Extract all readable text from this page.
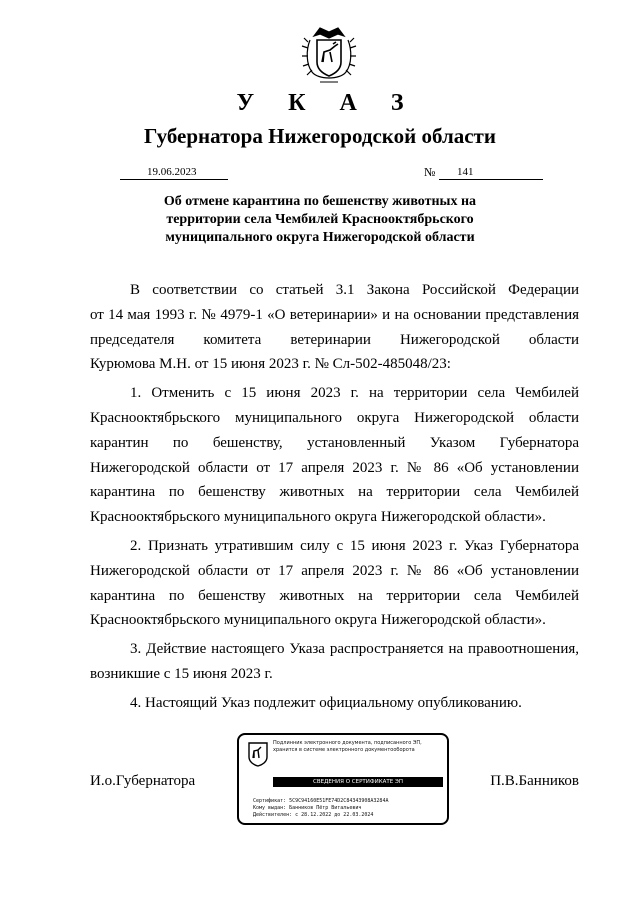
У К А З
Губернатора Нижегородской области
19.06.2023	№	141
Об отмене карантина по бешенству животных на
территории села Чембилей Краснооктябрьского
муниципального округа Нижегородской области
В соответствии со статьей 3.1 Закона Российской Федерации
от 14 мая 1993 г. № 4979-1 «О ветеринарии» и на основании представления
председателя комитета ветеринарии Нижегородской области
Курюмова М.Н. от 15 июня 2023 г. № Сл-502-485048/23:
1. Отменить с 15 июня 2023 г. на территории села Чембилей
Краснооктябрьского муниципального округа Нижегородской области
карантин по бешенству, установленный Указом Губернатора
Нижегородской области от 17 апреля 2023 г. № 86 «Об установлении
карантина по бешенству животных на территории села Чембилей
Краснооктябрьского муниципального округа Нижегородской области».
2. Признать утратившим силу с 15 июня 2023 г. Указ Губернатора
Нижегородской области от 17 апреля 2023 г. № 86 «Об установлении
карантина по бешенству животных на территории села Чембилей
Краснооктябрьского муниципального округа Нижегородской области».
3. Действие настоящего Указа распространяется на правоотношения,
возникшие с 15 июня 2023 г.
4. Настоящий Указ подлежит официальному опубликованию.
И.о.Губернатора	П.В.Банников
Подлинник электронного документа, подписанного ЭП,
хранится в системе электронного документооборота
СВЕДЕНИЯ О СЕРТИФИКАТЕ ЭП
Сертификат: 5C9C94160E51FE74D2C84343908A3284A
Кому выдан: Банников Пётр Витальевич
Действителен: с 28.12.2022 до 22.03.2024
